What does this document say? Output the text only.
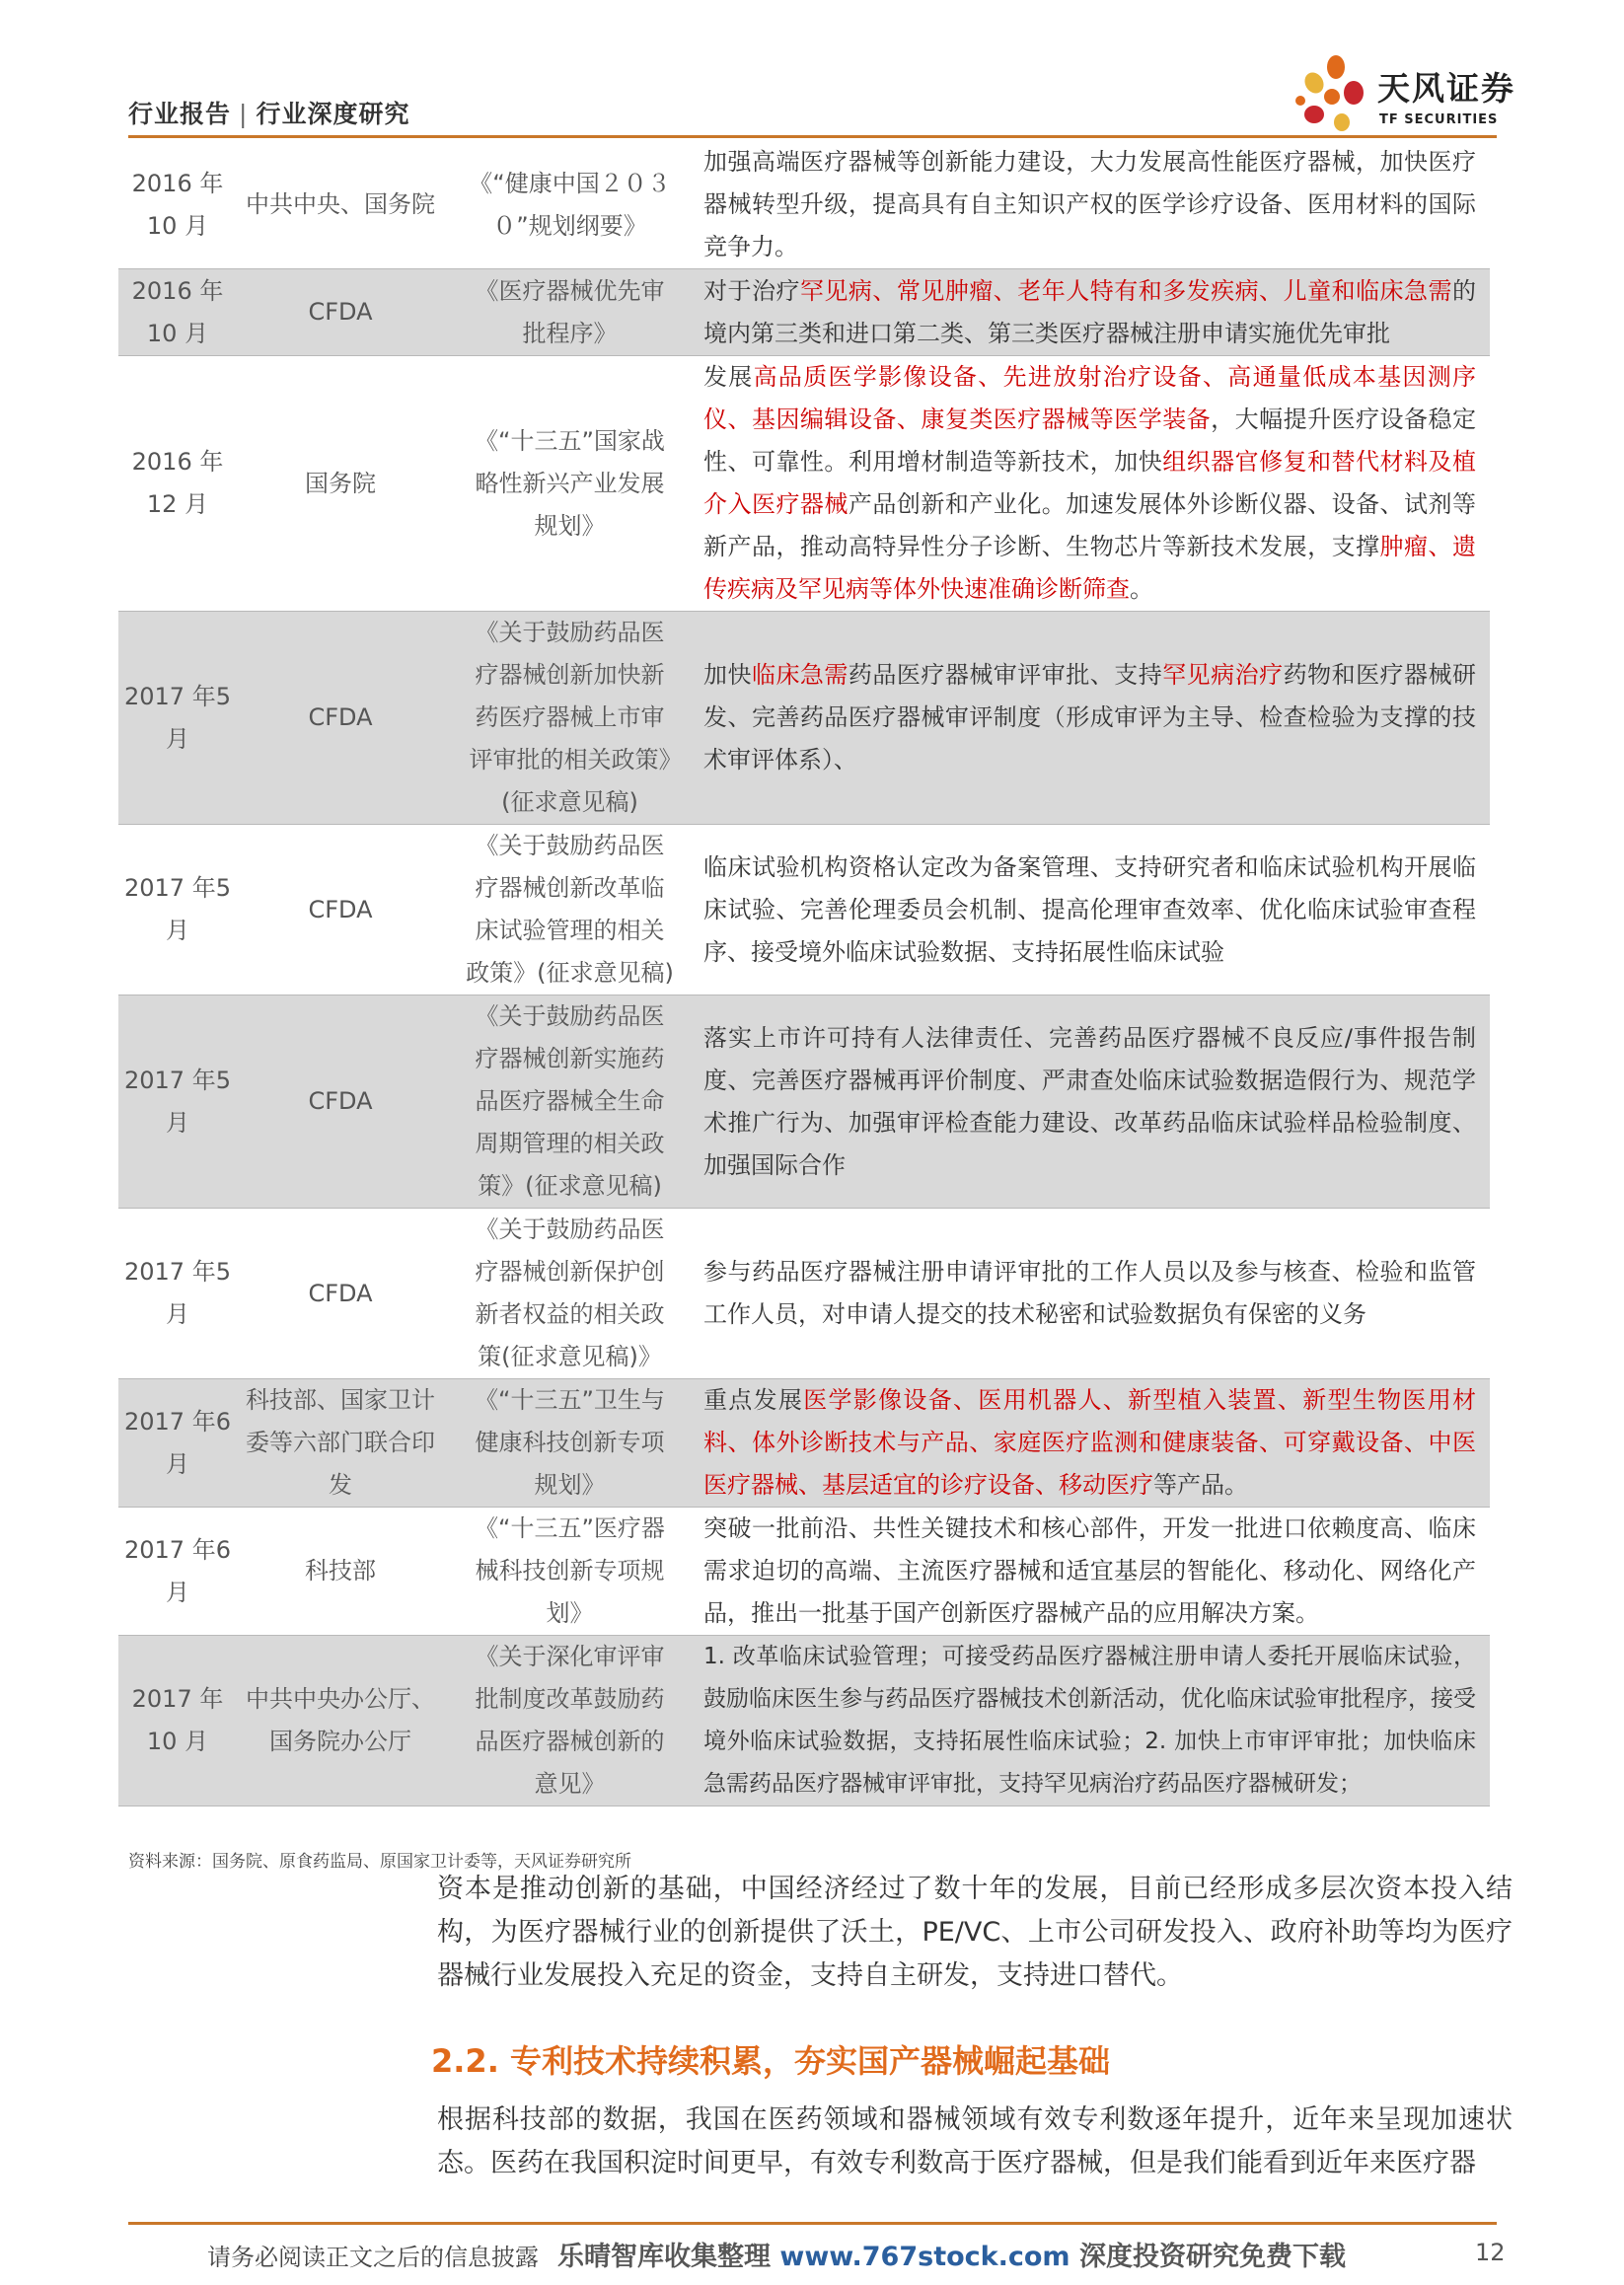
行业报告 | 行业深度研究
天风证券
TF SECURITIES
2016 年10 月	中共中央、国务院	《“健康中国２０３０”规划纲要》	加强高端医疗器械等创新能力建设，大力发展高性能医疗器械，加快医疗器械转型升级，提高具有自主知识产权的医学诊疗设备、医用材料的国际竞争力。
2016 年10 月	CFDA	《医疗器械优先审批程序》	对于治疗罕见病、常见肿瘤、老年人特有和多发疾病、儿童和临床急需的境内第三类和进口第二类、第三类医疗器械注册申请实施优先审批
2016 年12 月	国务院	《“十三五”国家战略性新兴产业发展规划》	发展高品质医学影像设备、先进放射治疗设备、高通量低成本基因测序仪、基因编辑设备、康复类医疗器械等医学装备，大幅提升医疗设备稳定性、可靠性。利用增材制造等新技术，加快组织器官修复和替代材料及植介入医疗器械产品创新和产业化。加速发展体外诊断仪器、设备、试剂等新产品，推动高特异性分子诊断、生物芯片等新技术发展，支撑肿瘤、遗传疾病及罕见病等体外快速准确诊断筛查。
2017 年5 月	CFDA	《关于鼓励药品医疗器械创新加快新药医疗器械上市审评审批的相关政策》(征求意见稿)	加快临床急需药品医疗器械审评审批、支持罕见病治疗药物和医疗器械研发、完善药品医疗器械审评制度（形成审评为主导、检查检验为支撑的技术审评体系）、
2017 年5 月	CFDA	《关于鼓励药品医疗器械创新改革临床试验管理的相关政策》(征求意见稿)	临床试验机构资格认定改为备案管理、支持研究者和临床试验机构开展临床试验、完善伦理委员会机制、提高伦理审查效率、优化临床试验审查程序、接受境外临床试验数据、支持拓展性临床试验
2017 年5 月	CFDA	《关于鼓励药品医疗器械创新实施药品医疗器械全生命周期管理的相关政策》(征求意见稿)	落实上市许可持有人法律责任、完善药品医疗器械不良反应/事件报告制度、完善医疗器械再评价制度、严肃查处临床试验数据造假行为、规范学术推广行为、加强审评检查能力建设、改革药品临床试验样品检验制度、加强国际合作
2017 年5 月	CFDA	《关于鼓励药品医疗器械创新保护创新者权益的相关政策(征求意见稿)》	参与药品医疗器械注册申请评审批的工作人员以及参与核查、检验和监管工作人员，对申请人提交的技术秘密和试验数据负有保密的义务
2017 年6 月	科技部、国家卫计委等六部门联合印发	《“十三五”卫生与健康科技创新专项规划》	重点发展医学影像设备、医用机器人、新型植入装置、新型生物医用材料、体外诊断技术与产品、家庭医疗监测和健康装备、可穿戴设备、中医医疗器械、基层适宜的诊疗设备、移动医疗等产品。
2017 年6 月	科技部	《“十三五”医疗器械科技创新专项规划》	突破一批前沿、共性关键技术和核心部件，开发一批进口依赖度高、临床需求迫切的高端、主流医疗器械和适宜基层的智能化、移动化、网络化产品，推出一批基于国产创新医疗器械产品的应用解决方案。
2017 年10 月	中共中央办公厅、国务院办公厅	《关于深化审评审批制度改革鼓励药品医疗器械创新的意见》	1. 改革临床试验管理；可接受药品医疗器械注册申请人委托开展临床试验，鼓励临床医生参与药品医疗器械技术创新活动，优化临床试验审批程序，接受境外临床试验数据，支持拓展性临床试验；2. 加快上市审评审批；加快临床急需药品医疗器械审评审批，支持罕见病治疗药品医疗器械研发；
资料来源：国务院、原食药监局、原国家卫计委等，天风证券研究所
资本是推动创新的基础，中国经济经过了数十年的发展，目前已经形成多层次资本投入结构，为医疗器械行业的创新提供了沃土，PE/VC、上市公司研发投入、政府补助等均为医疗器械行业发展投入充足的资金，支持自主研发，支持进口替代。
2.2. 专利技术持续积累，夯实国产器械崛起基础
根据科技部的数据，我国在医药领域和器械领域有效专利数逐年提升，近年来呈现加速状态。医药在我国积淀时间更早，有效专利数高于医疗器械，但是我们能看到近年来医疗器
请务必阅读正文之后的信息披露 乐晴智库收集整理 www.767stock.com 深度投资研究免费下载	12
